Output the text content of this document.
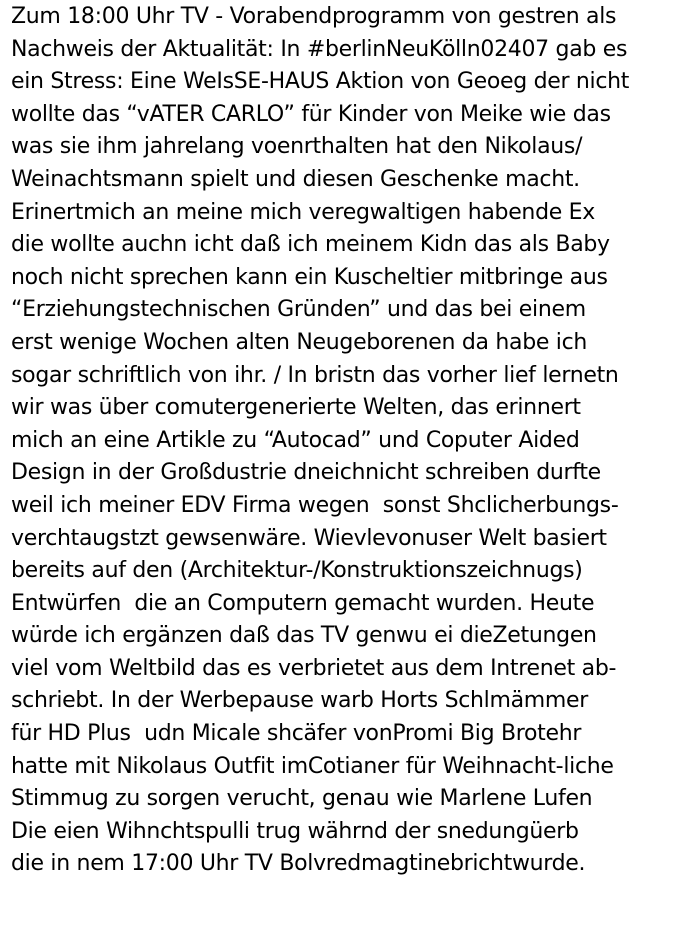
Zum 18:00 Uhr TV - Vorabendprogramm von gestren als
Nachweis der Aktualität: In #berlinNeuKölln02407 gab es
ein Stress: Eine WeIsSE-HAUS Aktion von Geoeg der nicht
wollte das “vATER CARLO” für Kinder von Meike wie das
was sie ihm jahrelang voenrthalten hat den Nikolaus/
Weinachtsmann spielt und diesen Geschenke macht.
Erinertmich an meine mich veregwaltigen habende Ex
die wollte auchn icht daß ich meinem Kidn das als Baby
noch nicht sprechen kann ein Kuscheltier mitbringe aus
“Erziehungstechnischen Gründen” und das bei einem
erst wenige Wochen alten Neugeborenen da habe ich
sogar schriftlich von ihr. / In bristn das vorher lief lernetn
wir was über comutergenerierte Welten, das erinnert
mich an eine Artikle zu “Autocad” und Coputer Aided
Design in der Großdustrie dneichnicht schreiben durfte
weil ich meiner EDV Firma wegen  sonst Shclicherbungs-
verchtaugstzt gewsenwäre. Wievlevonuser Welt basiert
bereits auf den (Architektur-/Konstruktionszeichnugs)
Entwürfen  die an Computern gemacht wurden. Heute
würde ich ergänzen daß das TV genwu ei dieZetungen
viel vom Weltbild das es verbrietet aus dem Intrenet ab-
schriebt. In der Werbepause warb Horts Schlmämmer
für HD Plus  udn Micale shcäfer vonPromi Big Brotehr
hatte mit Nikolaus Outfit imCotianer für Weihnacht-liche
Stimmug zu sorgen verucht, genau wie Marlene Lufen
Die eien Wihnchtspulli trug währnd der snedungüerb
die in nem 17:00 Uhr TV Bolvredmagtinebrichtwurde.
